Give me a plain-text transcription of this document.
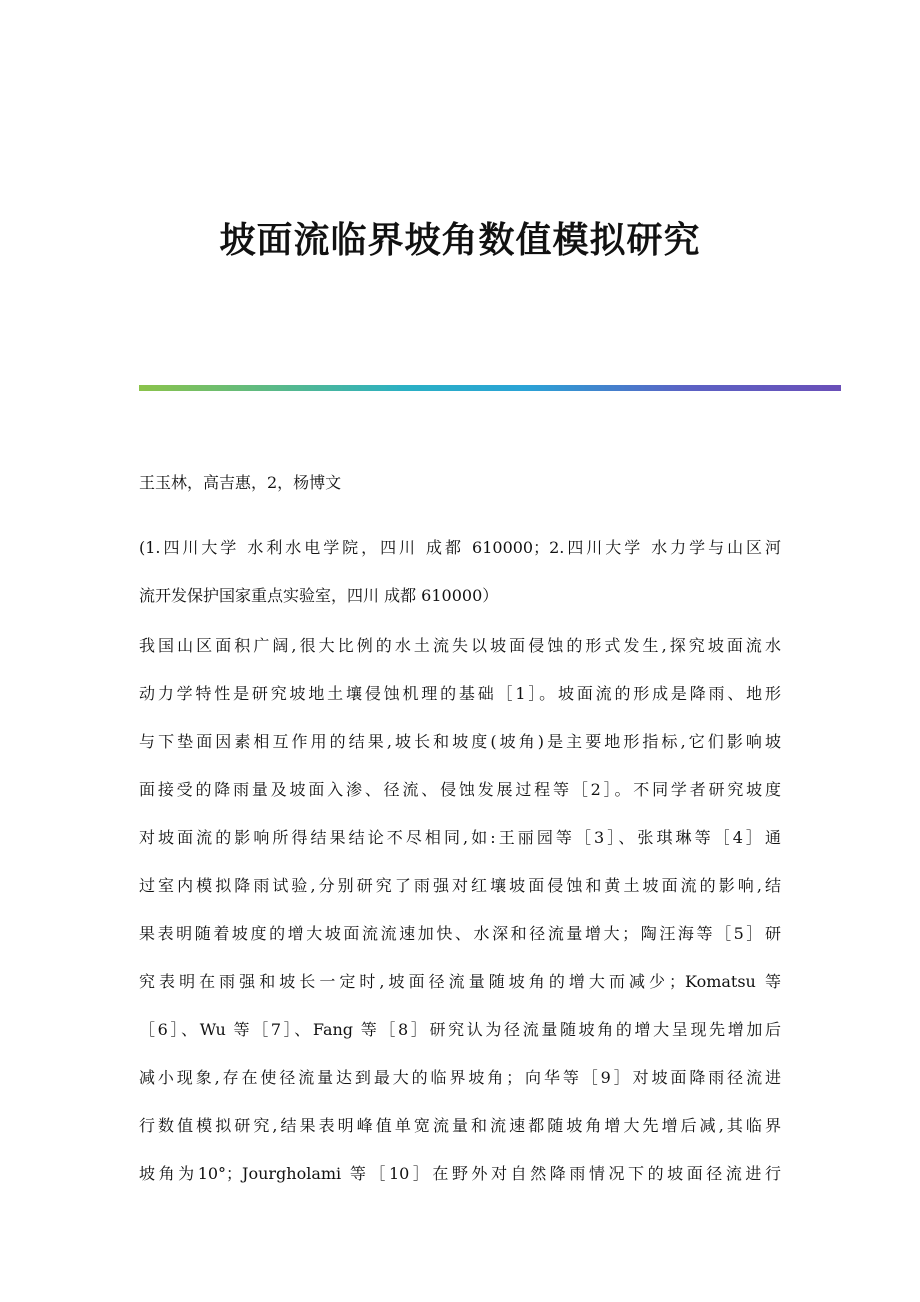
坡面流临界坡角数值模拟研究
王玉林，高吉惠，2，杨博文
(1.四川大学 水利水电学院，四川 成都 610000；2.四川大学 水力学与山区河
流开发保护国家重点实验室，四川 成都 610000）
我国山区面积广阔,很大比例的水土流失以坡面侵蚀的形式发生,探究坡面流水
动力学特性是研究坡地土壤侵蚀机理的基础［1］。坡面流的形成是降雨、地形
与下垫面因素相互作用的结果,坡长和坡度(坡角)是主要地形指标,它们影响坡
面接受的降雨量及坡面入渗、径流、侵蚀发展过程等［2］。不同学者研究坡度
对坡面流的影响所得结果结论不尽相同,如:王丽园等［3］、张琪琳等［4］通
过室内模拟降雨试验,分别研究了雨强对红壤坡面侵蚀和黄土坡面流的影响,结
果表明随着坡度的增大坡面流流速加快、水深和径流量增大；陶汪海等［5］研
究表明在雨强和坡长一定时,坡面径流量随坡角的增大而减少；Komatsu 等
［6］、Wu 等［7］、Fang 等［8］研究认为径流量随坡角的增大呈现先增加后
减小现象,存在使径流量达到最大的临界坡角；向华等［9］对坡面降雨径流进
行数值模拟研究,结果表明峰值单宽流量和流速都随坡角增大先增后减,其临界
坡角为10°；Jourgholami 等［10］在野外对自然降雨情况下的坡面径流进行
